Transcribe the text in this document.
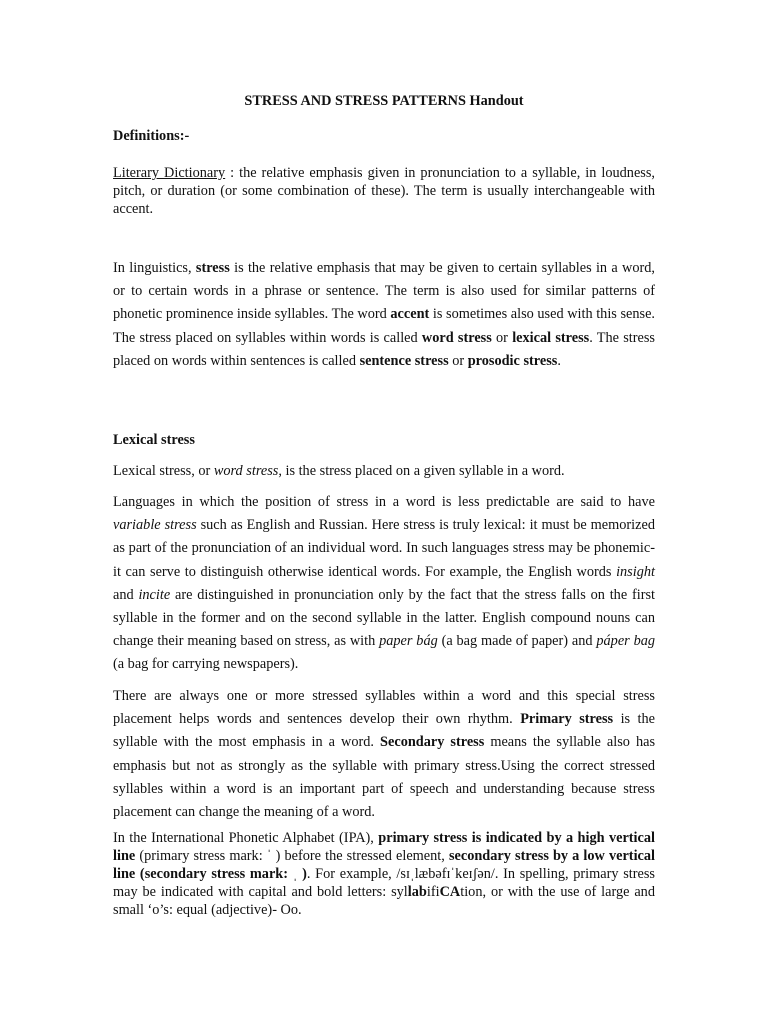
STRESS AND STRESS PATTERNS Handout
Definitions:-
Literary Dictionary : the relative emphasis given in pronunciation to a syllable, in loudness, pitch, or duration (or some combination of these). The term is usually interchangeable with accent.
In linguistics, stress is the relative emphasis that may be given to certain syllables in a word, or to certain words in a phrase or sentence. The term is also used for similar patterns of phonetic prominence inside syllables. The word accent is sometimes also used with this sense. The stress placed on syllables within words is called word stress or lexical stress. The stress placed on words within sentences is called sentence stress or prosodic stress.
Lexical stress
Lexical stress, or word stress, is the stress placed on a given syllable in a word.
Languages in which the position of stress in a word is less predictable are said to have variable stress such as English and Russian. Here stress is truly lexical: it must be memorized as part of the pronunciation of an individual word. In such languages stress may be phonemic- it can serve to distinguish otherwise identical words. For example, the English words insight and incite are distinguished in pronunciation only by the fact that the stress falls on the first syllable in the former and on the second syllable in the latter. English compound nouns can change their meaning based on stress, as with paper bág (a bag made of paper) and páper bag (a bag for carrying newspapers).
There are always one or more stressed syllables within a word and this special stress placement helps words and sentences develop their own rhythm. Primary stress is the syllable with the most emphasis in a word. Secondary stress means the syllable also has emphasis but not as strongly as the syllable with primary stress.Using the correct stressed syllables within a word is an important part of speech and understanding because stress placement can change the meaning of a word.
In the International Phonetic Alphabet (IPA), primary stress is indicated by a high vertical line (primary stress mark: ˈ ) before the stressed element, secondary stress by a low vertical line (secondary stress mark: ˌ ). For example, /sɪˌlæbəfɪˈkeɪʃən/. In spelling, primary stress may be indicated with capital and bold letters: syllabifiCAtion, or with the use of large and small ‘o’s: equal (adjective)- Oo.
